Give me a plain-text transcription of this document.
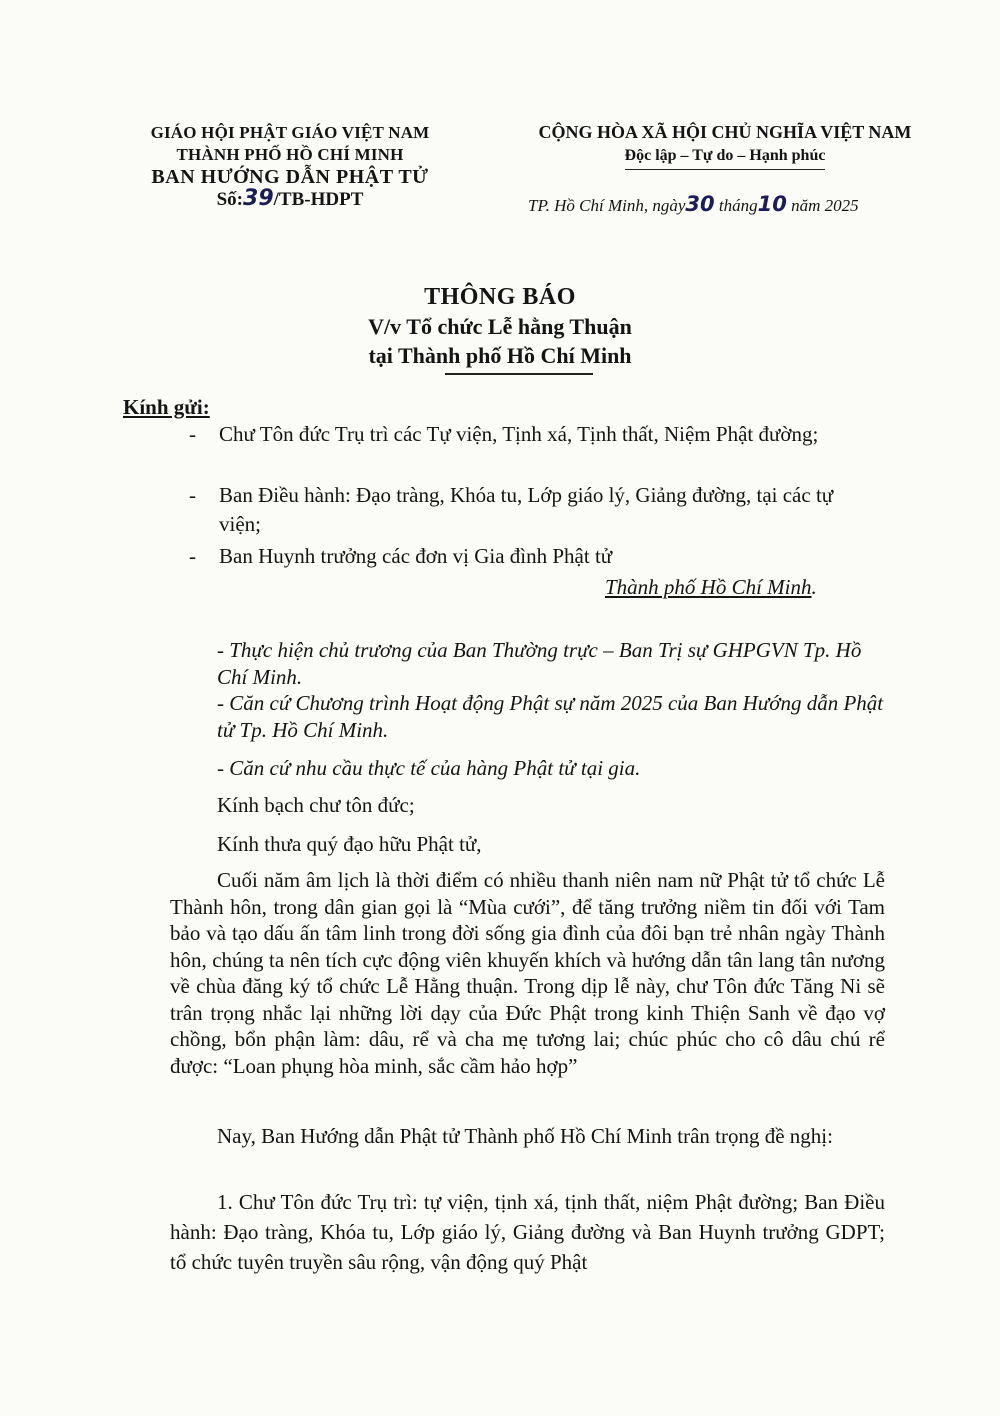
GIÁO HỘI PHẬT GIÁO VIỆT NAM
THÀNH PHỐ HỒ CHÍ MINH
BAN HƯỚNG DẪN PHẬT TỬ
Số:39/TB-HDPT
CỘNG HÒA XÃ HỘI CHỦ NGHĨA VIỆT NAM
Độc lập – Tự do – Hạnh phúc
TP. Hồ Chí Minh, ngày30 tháng10 năm 2025
THÔNG BÁO
V/v Tổ chức Lễ hằng Thuận
tại Thành phố Hồ Chí Minh
Kính gửi:
-	Chư Tôn đức Trụ trì các Tự viện, Tịnh xá, Tịnh thất, Niệm Phật đường;
-	Ban Điều hành: Đạo tràng, Khóa tu, Lớp giáo lý, Giảng đường, tại các tự viện;
-	Ban Huynh trưởng các đơn vị Gia đình Phật tử
Thành phố Hồ Chí Minh.
- Thực hiện chủ trương của Ban Thường trực – Ban Trị sự GHPGVN Tp. Hồ Chí Minh.
- Căn cứ Chương trình Hoạt động Phật sự năm 2025 của Ban Hướng dẫn Phật tử Tp. Hồ Chí Minh.
- Căn cứ nhu cầu thực tế của hàng Phật tử tại gia.
Kính bạch chư tôn đức;
Kính thưa quý đạo hữu Phật tử,
Cuối năm âm lịch là thời điểm có nhiều thanh niên nam nữ Phật tử tổ chức Lễ Thành hôn, trong dân gian gọi là “Mùa cưới”, để tăng trưởng niềm tin đối với Tam bảo và tạo dấu ấn tâm linh trong đời sống gia đình của đôi bạn trẻ nhân ngày Thành hôn, chúng ta nên tích cực động viên khuyến khích và hướng dẫn tân lang tân nương về chùa đăng ký tổ chức Lễ Hằng thuận. Trong dịp lễ này, chư Tôn đức Tăng Ni sẽ trân trọng nhắc lại những lời dạy của Đức Phật trong kinh Thiện Sanh về đạo vợ chồng, bổn phận làm: dâu, rể và cha mẹ tương lai; chúc phúc cho cô dâu chú rể được: “Loan phụng hòa minh, sắc cầm hảo hợp”
Nay, Ban Hướng dẫn Phật tử Thành phố Hồ Chí Minh trân trọng đề nghị:
1. Chư Tôn đức Trụ trì: tự viện, tịnh xá, tịnh thất, niệm Phật đường; Ban Điều hành: Đạo tràng, Khóa tu, Lớp giáo lý, Giảng đường và Ban Huynh trưởng GDPT; tổ chức tuyên truyền sâu rộng, vận động quý Phật
